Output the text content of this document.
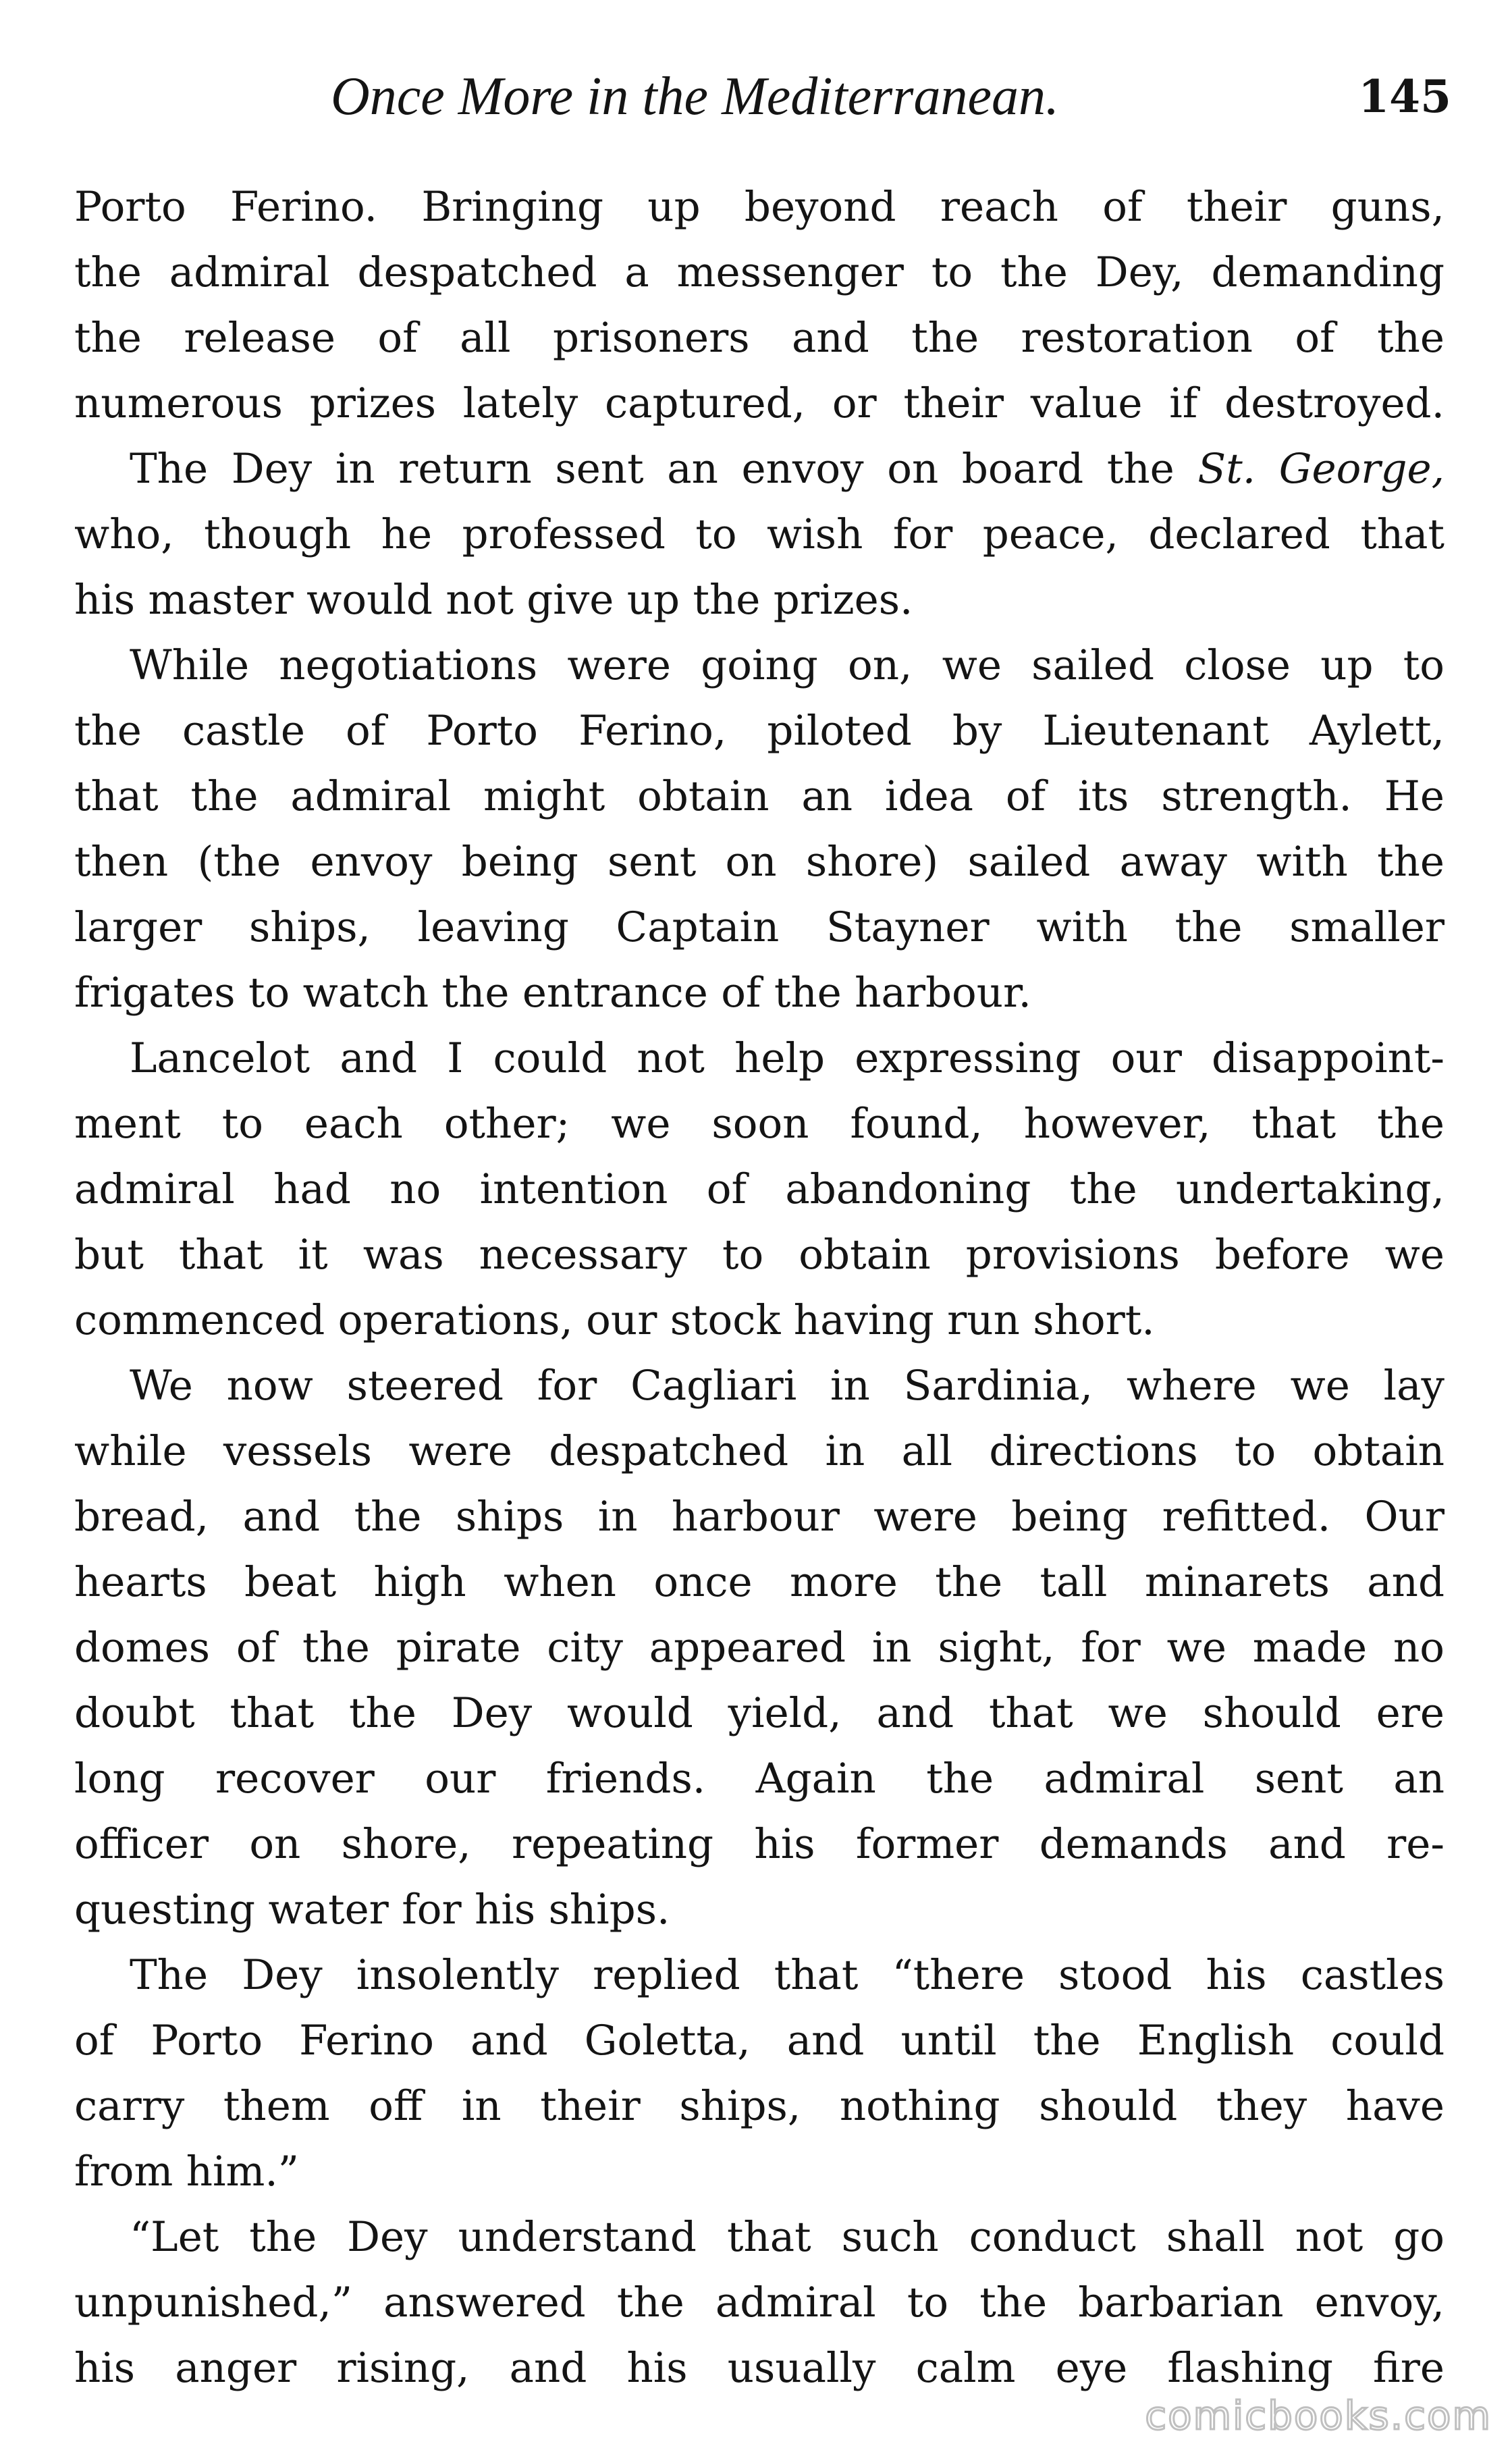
Once More in the Mediterranean.	145
Porto Ferino. Bringing up beyond reach of their guns,
the admiral despatched a messenger to the Dey, demanding
the release of all prisoners and the restoration of the
numerous prizes lately captured, or their value if destroyed.
The Dey in return sent an envoy on board the St. George,
who, though he professed to wish for peace, declared that
his master would not give up the prizes.
While negotiations were going on, we sailed close up to
the castle of Porto Ferino, piloted by Lieutenant Aylett,
that the admiral might obtain an idea of its strength. He
then (the envoy being sent on shore) sailed away with the
larger ships, leaving Captain Stayner with the smaller
frigates to watch the entrance of the harbour.
Lancelot and I could not help expressing our disappoint-
ment to each other; we soon found, however, that the
admiral had no intention of abandoning the undertaking,
but that it was necessary to obtain provisions before we
commenced operations, our stock having run short.
We now steered for Cagliari in Sardinia, where we lay
while vessels were despatched in all directions to obtain
bread, and the ships in harbour were being refitted. Our
hearts beat high when once more the tall minarets and
domes of the pirate city appeared in sight, for we made no
doubt that the Dey would yield, and that we should ere
long recover our friends. Again the admiral sent an
officer on shore, repeating his former demands and re-
questing water for his ships.
The Dey insolently replied that “there stood his castles
of Porto Ferino and Goletta, and until the English could
carry them off in their ships, nothing should they have
from him.”
“Let the Dey understand that such conduct shall not go
unpunished,” answered the admiral to the barbarian envoy,
his anger rising, and his usually calm eye flashing fire
comicbooks.com
